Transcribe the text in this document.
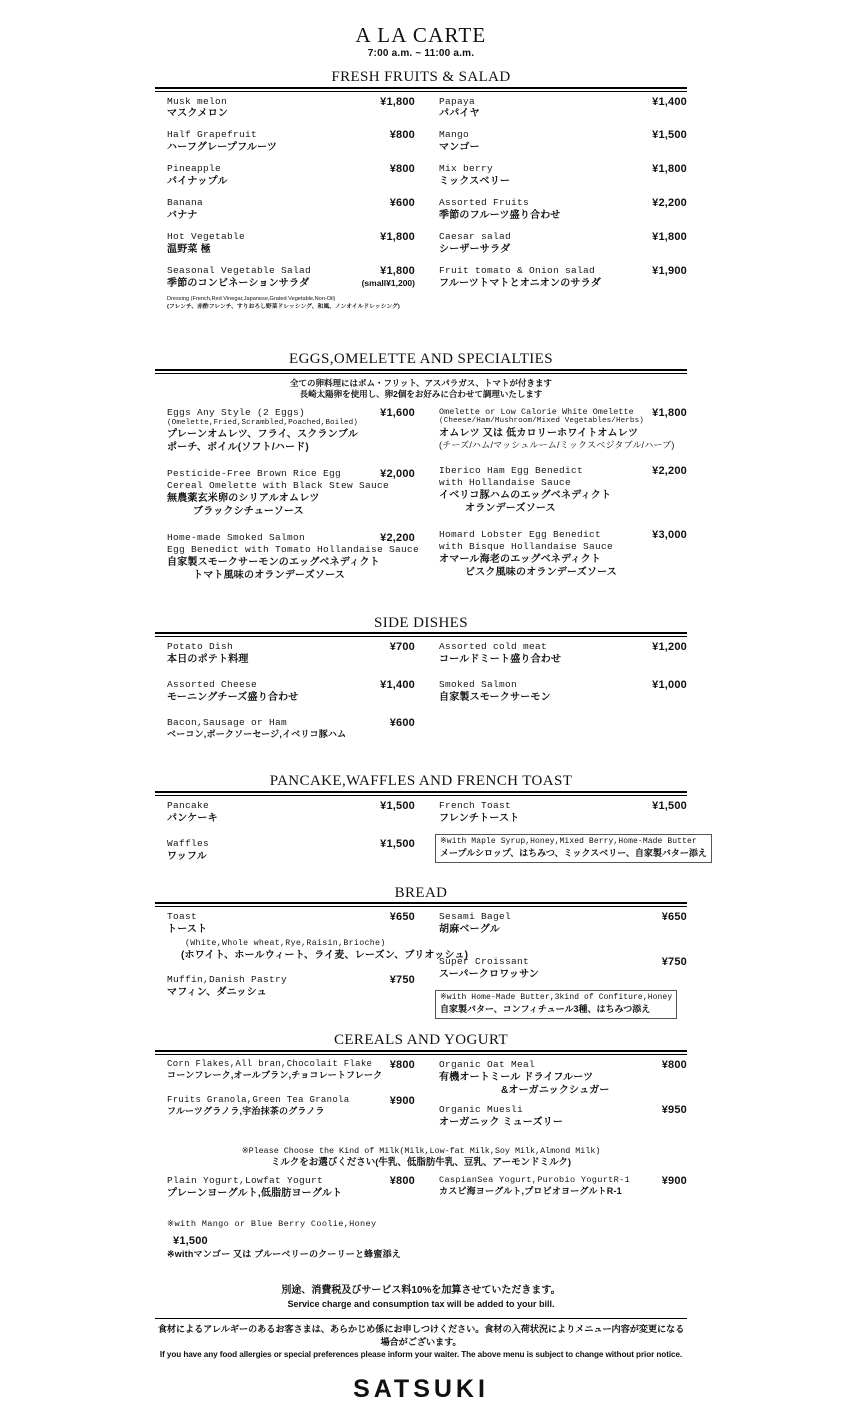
A LA CARTE
7:00 a.m. ~ 11:00 a.m.
FRESH FRUITS & SALAD
Musk melon
マスクメロン
¥1,800
Half Grapefruit
ハーフグレープフルーツ
¥800
Pineapple
パイナップル
¥800
Banana
バナナ
¥600
Hot Vegetable
温野菜 極
¥1,800
Seasonal Vegetable Salad
季節のコンビネーションサラダ
¥1,800
(small¥1,200)
Dressing (French,Red Vinegar,Japanese,Grated Vegetable,Non-Oil)
(フレンチ、赤酢フレンチ、すりおろし野菜ドレッシング、和風、ノンオイルドレッシング)
Papaya
パパイヤ
¥1,400
Mango
マンゴー
¥1,500
Mix berry
ミックスベリー
¥1,800
Assorted Fruits
季節のフルーツ盛り合わせ
¥2,200
Caesar salad
シーザーサラダ
¥1,800
Fruit tomato & Onion salad
フルーツトマトとオニオンのサラダ
¥1,900
EGGS,OMELETTE AND SPECIALTIES
全ての卵料理にはポム・フリット、アスパラガス、トマトが付きます
長崎太陽卵を使用し、卵2個をお好みに合わせて調理いたします
Eggs Any Style (2 Eggs)
(Omelette,Fried,Scrambled,Poached,Boiled)
プレーンオムレツ、フライ、スクランブル
ポーチ、ボイル(ソフト/ハード)
¥1,600
Pesticide-Free Brown Rice Egg
Cereal Omelette with Black Stew Sauce
無農薬玄米卵のシリアルオムレツ
ブラックシチューソース
¥2,000
Home-made Smoked Salmon
Egg Benedict with Tomato Hollandaise Sauce
自家製スモークサーモンのエッグベネディクト
トマト風味のオランデーズソース
¥2,200
Omelette or Low Calorie White Omelette
(Cheese/Ham/Mushroom/Mixed Vegetables/Herbs)
オムレツ 又は 低カロリーホワイトオムレツ
(チーズ/ハム/マッシュルーム/ミックスベジタブル/ハーブ)
¥1,800
Iberico Ham Egg Benedict
with Hollandaise Sauce
イベリコ豚ハムのエッグベネディクト
オランデーズソース
¥2,200
Homard Lobster Egg Benedict
with Bisque Hollandaise Sauce
オマール海老のエッグベネディクト
ビスク風味のオランデーズソース
¥3,000
SIDE DISHES
Potato Dish
本日のポテト料理
¥700
Assorted Cheese
モーニングチーズ盛り合わせ
¥1,400
Bacon,Sausage or Ham
ベーコン,ポークソーセージ,イベリコ豚ハム
¥600
Assorted cold meat
コールドミート盛り合わせ
¥1,200
Smoked Salmon
自家製スモークサーモン
¥1,000
PANCAKE,WAFFLES AND FRENCH TOAST
Pancake
パンケーキ
¥1,500
Waffles
ワッフル
¥1,500
French Toast
フレンチトースト
¥1,500
※with Maple Syrup,Honey,Mixed Berry,Home-Made Butter
メープルシロップ、はちみつ、ミックスベリー、自家製バター添え
BREAD
Toast
トースト
(White,Whole wheat,Rye,Raisin,Brioche)
(ホワイト、ホールウィート、ライ麦、レーズン、ブリオッシュ)
¥650
Muffin,Danish Pastry
マフィン、ダニッシュ
¥750
Sesami Bagel
胡麻ベーグル
¥650
Super Croissant
スーパークロワッサン
¥750
※with Home-Made Butter,3kind of Confiture,Honey
自家製バター、コンフィチュール3種、はちみつ添え
CEREALS AND YOGURT
Corn Flakes,All bran,Chocolait Flake
コーンフレーク,オールブラン,チョコレートフレーク
¥800
Fruits Granola,Green Tea Granola
フルーツグラノラ,宇治抹茶のグラノラ
¥900
Organic Oat Meal
有機オートミール ドライフルーツ
&オーガニックシュガー
¥800
Organic Muesli
オーガニック ミューズリー
¥950
※Please Choose the Kind of Milk(Milk,Low-fat Milk,Soy Milk,Almond Milk)
ミルクをお選びください(牛乳、低脂肪牛乳、豆乳、アーモンドミルク)
Plain Yogurt,Lowfat Yogurt
プレーンヨーグルト,低脂肪ヨーグルト
¥800
※with Mango or Blue Berry Coolie,Honey ¥1,500
※withマンゴー 又は ブルーベリーのクーリーと蜂蜜添え
CaspianSea Yogurt,Purobio YogurtR-1
カスピ海ヨーグルト,プロビオヨーグルトR-1
¥900
別途、消費税及びサービス料10%を加算させていただきます。
Service charge and consumption tax will be added to your bill.
食材によるアレルギーのあるお客さまは、あらかじめ係にお申しつけください。食材の入荷状況によりメニュー内容が変更になる場合がございます。
If you have any food allergies or special preferences please inform your waiter. The above menu is subject to change without prior notice.
SATSUKI
